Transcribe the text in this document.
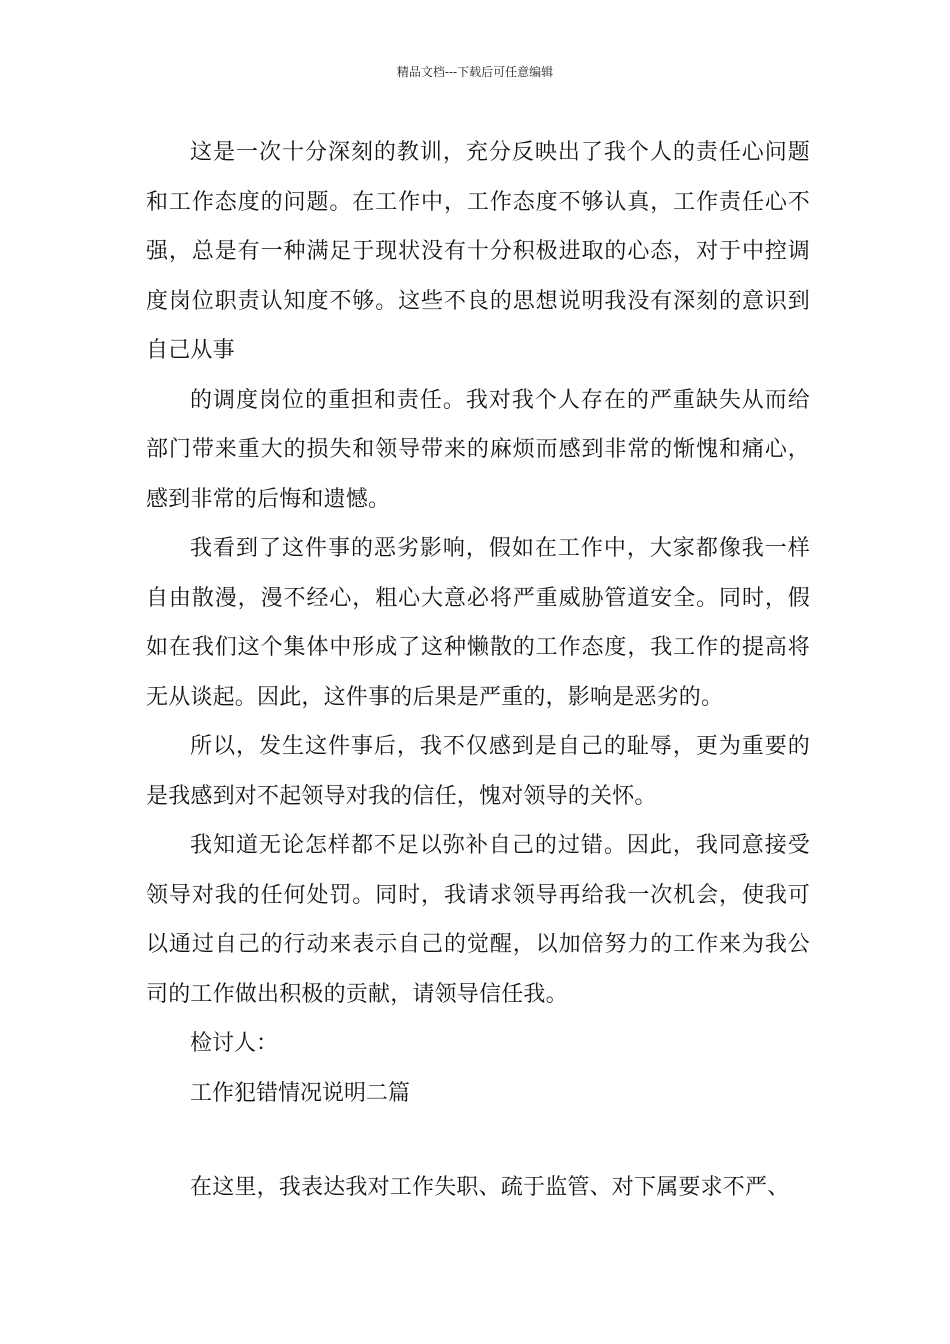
精品文档---下载后可任意编辑

这是一次十分深刻的教训，充分反映出了我个人的责任心问题和工作态度的问题。在工作中，工作态度不够认真，工作责任心不强，总是有一种满足于现状没有十分积极进取的心态，对于中控调度岗位职责认知度不够。这些不良的思想说明我没有深刻的意识到自己从事

的调度岗位的重担和责任。我对我个人存在的严重缺失从而给部门带来重大的损失和领导带来的麻烦而感到非常的惭愧和痛心，感到非常的后悔和遗憾。

我看到了这件事的恶劣影响，假如在工作中，大家都像我一样自由散漫，漫不经心，粗心大意必将严重威胁管道安全。同时，假如在我们这个集体中形成了这种懒散的工作态度，我工作的提高将无从谈起。因此，这件事的后果是严重的，影响是恶劣的。

所以，发生这件事后，我不仅感到是自己的耻辱，更为重要的是我感到对不起领导对我的信任，愧对领导的关怀。

我知道无论怎样都不足以弥补自己的过错。因此，我同意接受领导对我的任何处罚。同时，我请求领导再给我一次机会，使我可以通过自己的行动来表示自己的觉醒，以加倍努力的工作来为我公司的工作做出积极的贡献，请领导信任我。

检讨人：

工作犯错情况说明二篇

在这里，我表达我对工作失职、疏于监管、对下属要求不严、
